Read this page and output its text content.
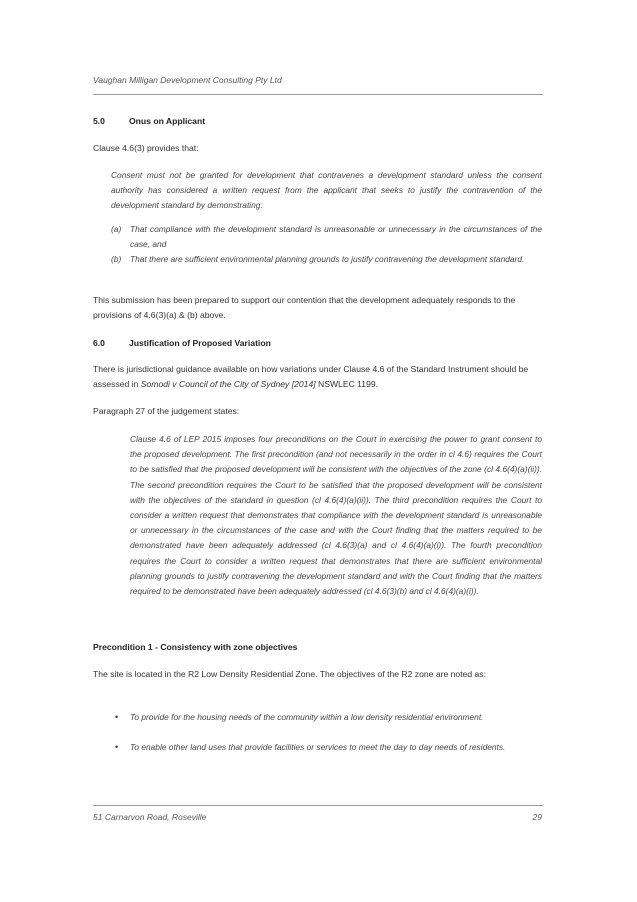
Vaughan Milligan Development Consulting Pty Ltd
5.0	Onus on Applicant
Clause 4.6(3) provides that:
Consent must not be granted for development that contravenes a development standard unless the consent authority has considered a written request from the applicant that seeks to justify the contravention of the development standard by demonstrating:
(a) That compliance with the development standard is unreasonable or unnecessary in the circumstances of the case, and
(b) That there are sufficient environmental planning grounds to justify contravening the development standard.
This submission has been prepared to support our contention that the development adequately responds to the provisions of 4.6(3)(a) & (b) above.
6.0	Justification of Proposed Variation
There is jurisdictional guidance available on how variations under Clause 4.6 of the Standard Instrument should be assessed in Somodi v Council of the City of Sydney [2014] NSWLEC 1199.
Paragraph 27 of the judgement states:
Clause 4.6 of LEP 2015 imposes four preconditions on the Court in exercising the power to grant consent to the proposed development. The first precondition (and not necessarily in the order in cl 4.6) requires the Court to be satisfied that the proposed development will be consistent with the objectives of the zone (cl 4.6(4)(a)(ii)). The second precondition requires the Court to be satisfied that the proposed development will be consistent with the objectives of the standard in question (cl 4.6(4)(a)(ii)). The third precondition requires the Court to consider a written request that demonstrates that compliance with the development standard is unreasonable or unnecessary in the circumstances of the case and with the Court finding that the matters required to be demonstrated have been adequately addressed (cl 4.6(3)(a) and cl 4.6(4)(a)(i)). The fourth precondition requires the Court to consider a written request that demonstrates that there are sufficient environmental planning grounds to justify contravening the development standard and with the Court finding that the matters required to be demonstrated have been adequately addressed (cl 4.6(3)(b) and cl 4.6(4)(a)(i)).
Precondition 1 - Consistency with zone objectives
The site is located in the R2 Low Density Residential Zone. The objectives of the R2 zone are noted as:
• To provide for the housing needs of the community within a low density residential environment.
• To enable other land uses that provide facilities or services to meet the day to day needs of residents.
51 Carnarvon Road, Roseville	29
